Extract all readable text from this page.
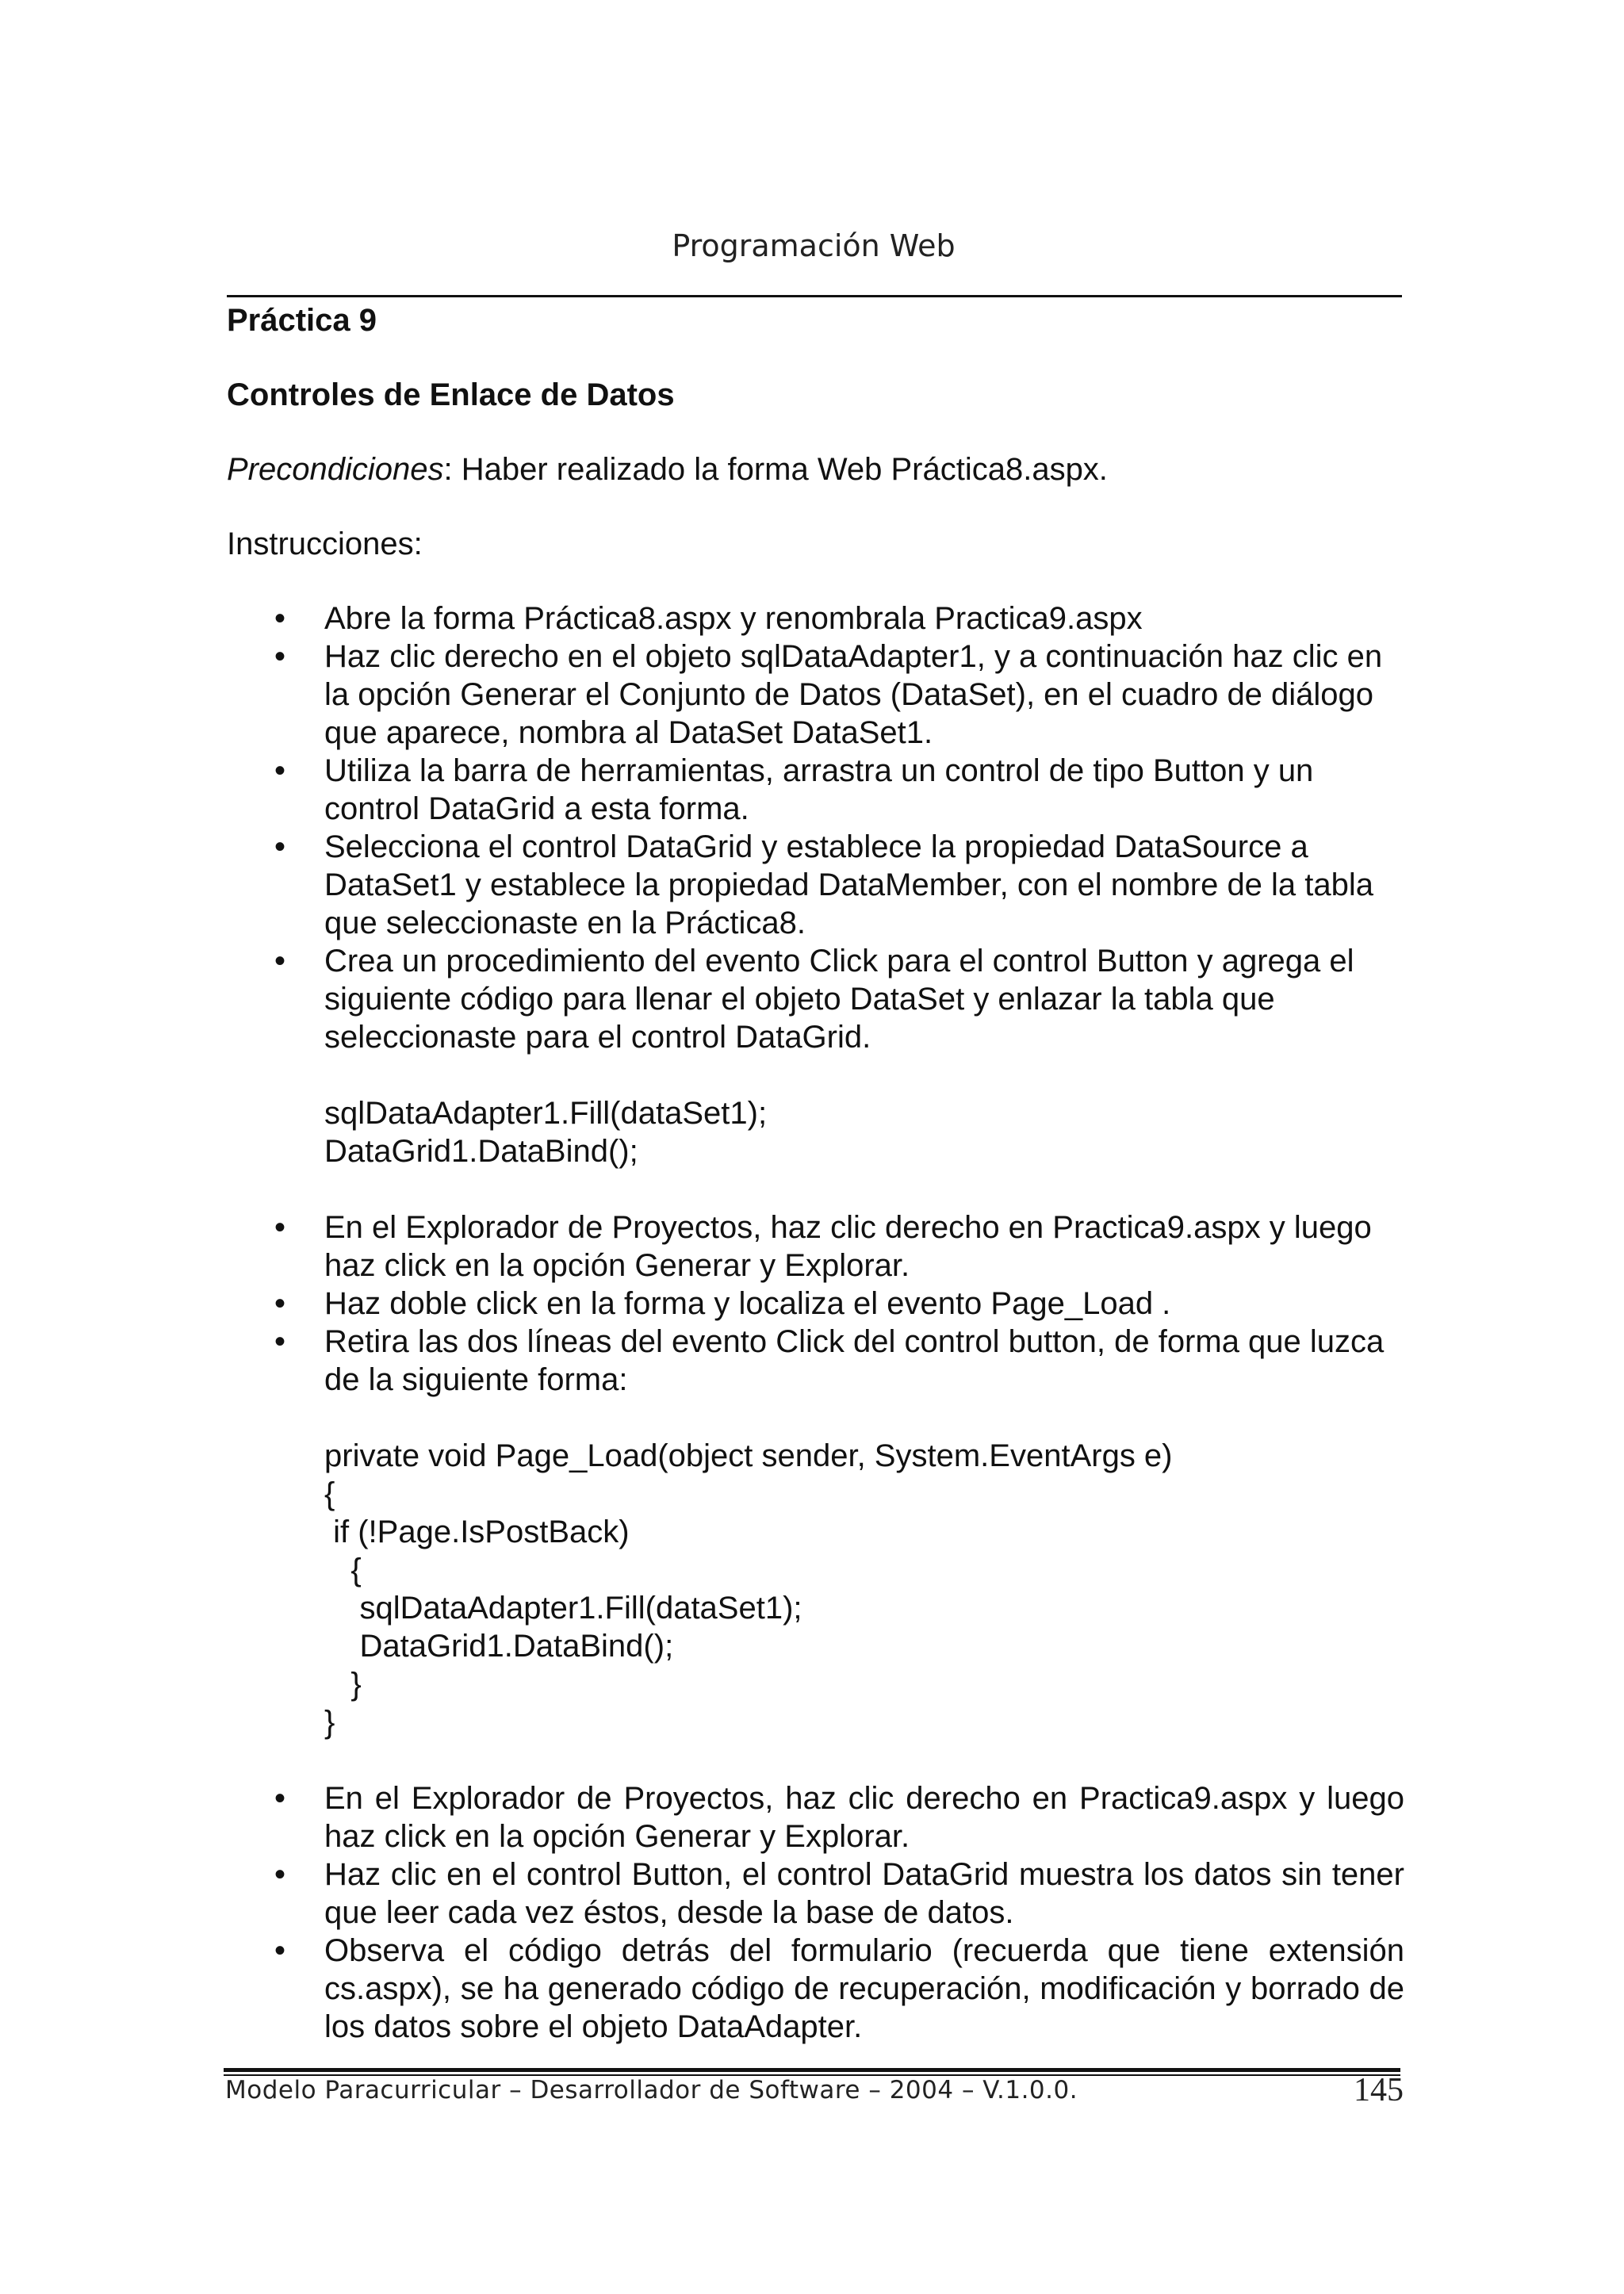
Programación Web

Práctica 9

Controles de Enlace de Datos

Precondiciones: Haber realizado la forma Web Práctica8.aspx.

Instrucciones:

• Abre la forma Práctica8.aspx y renombrala Practica9.aspx
• Haz clic derecho en el objeto sqlDataAdapter1, y a continuación haz clic en la opción Generar el Conjunto de Datos (DataSet), en el cuadro de diálogo que aparece, nombra al DataSet DataSet1.
• Utiliza la barra de herramientas, arrastra un control de tipo Button y un control DataGrid a esta forma.
• Selecciona el control DataGrid y establece la propiedad DataSource a DataSet1 y establece la propiedad DataMember, con el nombre de la tabla que seleccionaste en la Práctica8.
• Crea un procedimiento del evento Click para el control Button y agrega el siguiente código para llenar el objeto DataSet y enlazar la tabla que seleccionaste para el control DataGrid.
sqlDataAdapter1.Fill(dataSet1);
DataGrid1.DataBind();
• En el Explorador de Proyectos, haz clic derecho en Practica9.aspx y luego haz click en la opción Generar y Explorar.
• Haz doble click en la forma y localiza el evento Page_Load .
• Retira las dos líneas del evento Click del control button, de forma que luzca de la siguiente forma:
private void Page_Load(object sender, System.EventArgs e)
{
if (!Page.IsPostBack)
{
sqlDataAdapter1.Fill(dataSet1);
DataGrid1.DataBind();
}
}
• En el Explorador de Proyectos, haz clic derecho en Practica9.aspx y luego haz click en la opción Generar y Explorar.
• Haz clic en el control Button, el control DataGrid muestra los datos sin tener que leer cada vez éstos, desde la base de datos.
• Observa el código detrás del formulario (recuerda que tiene extensión cs.aspx), se ha generado código de recuperación, modificación y borrado de los datos sobre el objeto DataAdapter.
Modelo Paracurricular – Desarrollador de Software – 2004 – V.1.0.0.	145
